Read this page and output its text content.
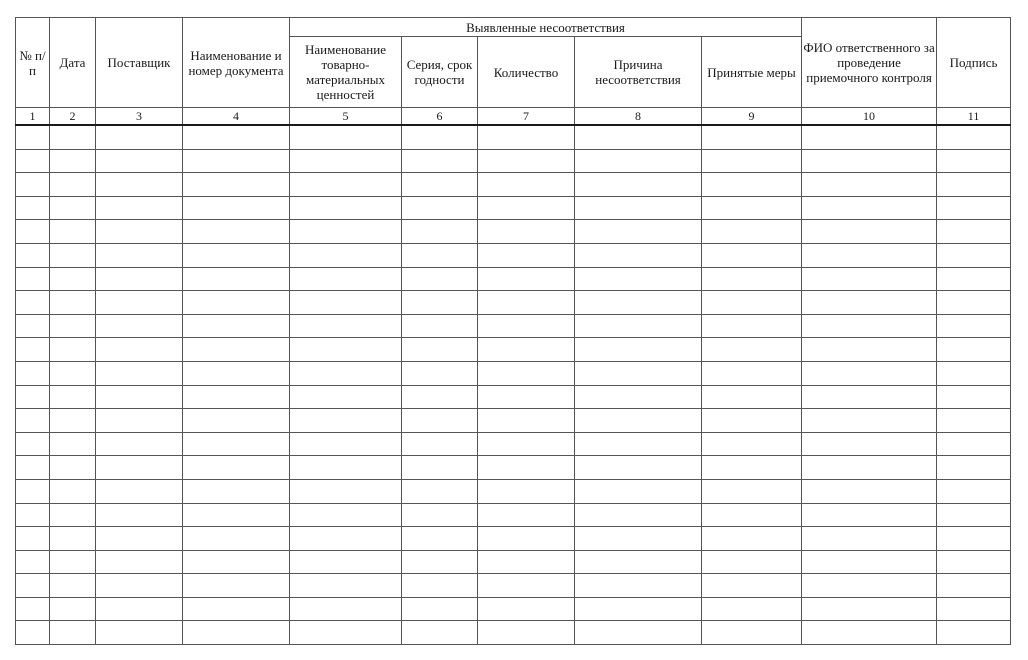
№ п/п	Дата	Поставщик	Наименование и номер документа	Выявленные несоответствия					ФИО ответственного за проведение приемочного контроля	Подпись
				Наименование товарно-материальных ценностей	Серия, срок годности	Количество	Причина несоответствия	Принятые меры		
1	2	3	4	5	6	7	8	9	10	11
